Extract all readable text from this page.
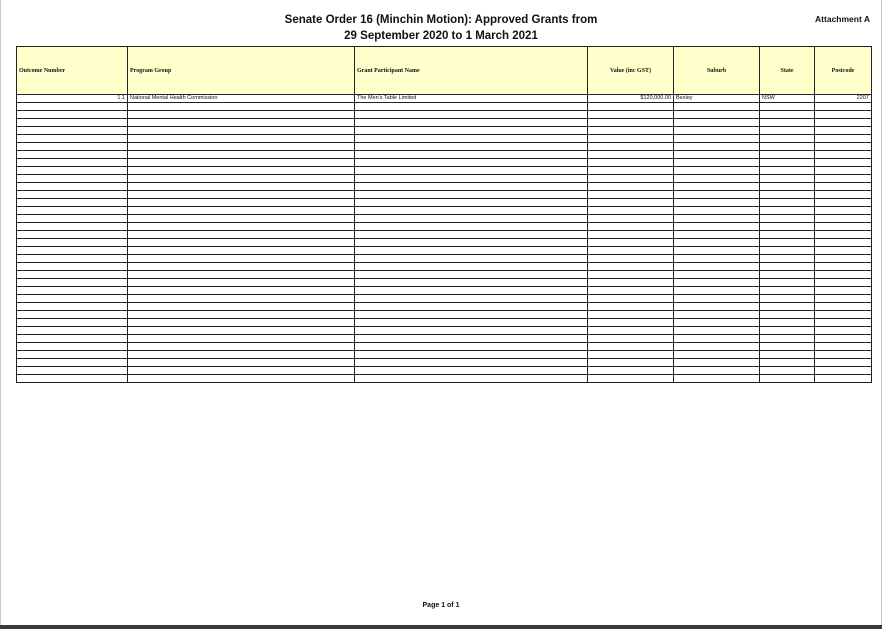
Senate Order 16 (Minchin Motion): Approved Grants from
29 September 2020 to 1 March 2021
Attachment A
Outcome Number	Program Group	Grant Participant Name	Value (inc GST)	Suburb	State	Postcode
1.1	National Mental Health Commission	The Men's Table Limited	$120,000.00	Bexley	NSW	2207

Page 1 of 1
